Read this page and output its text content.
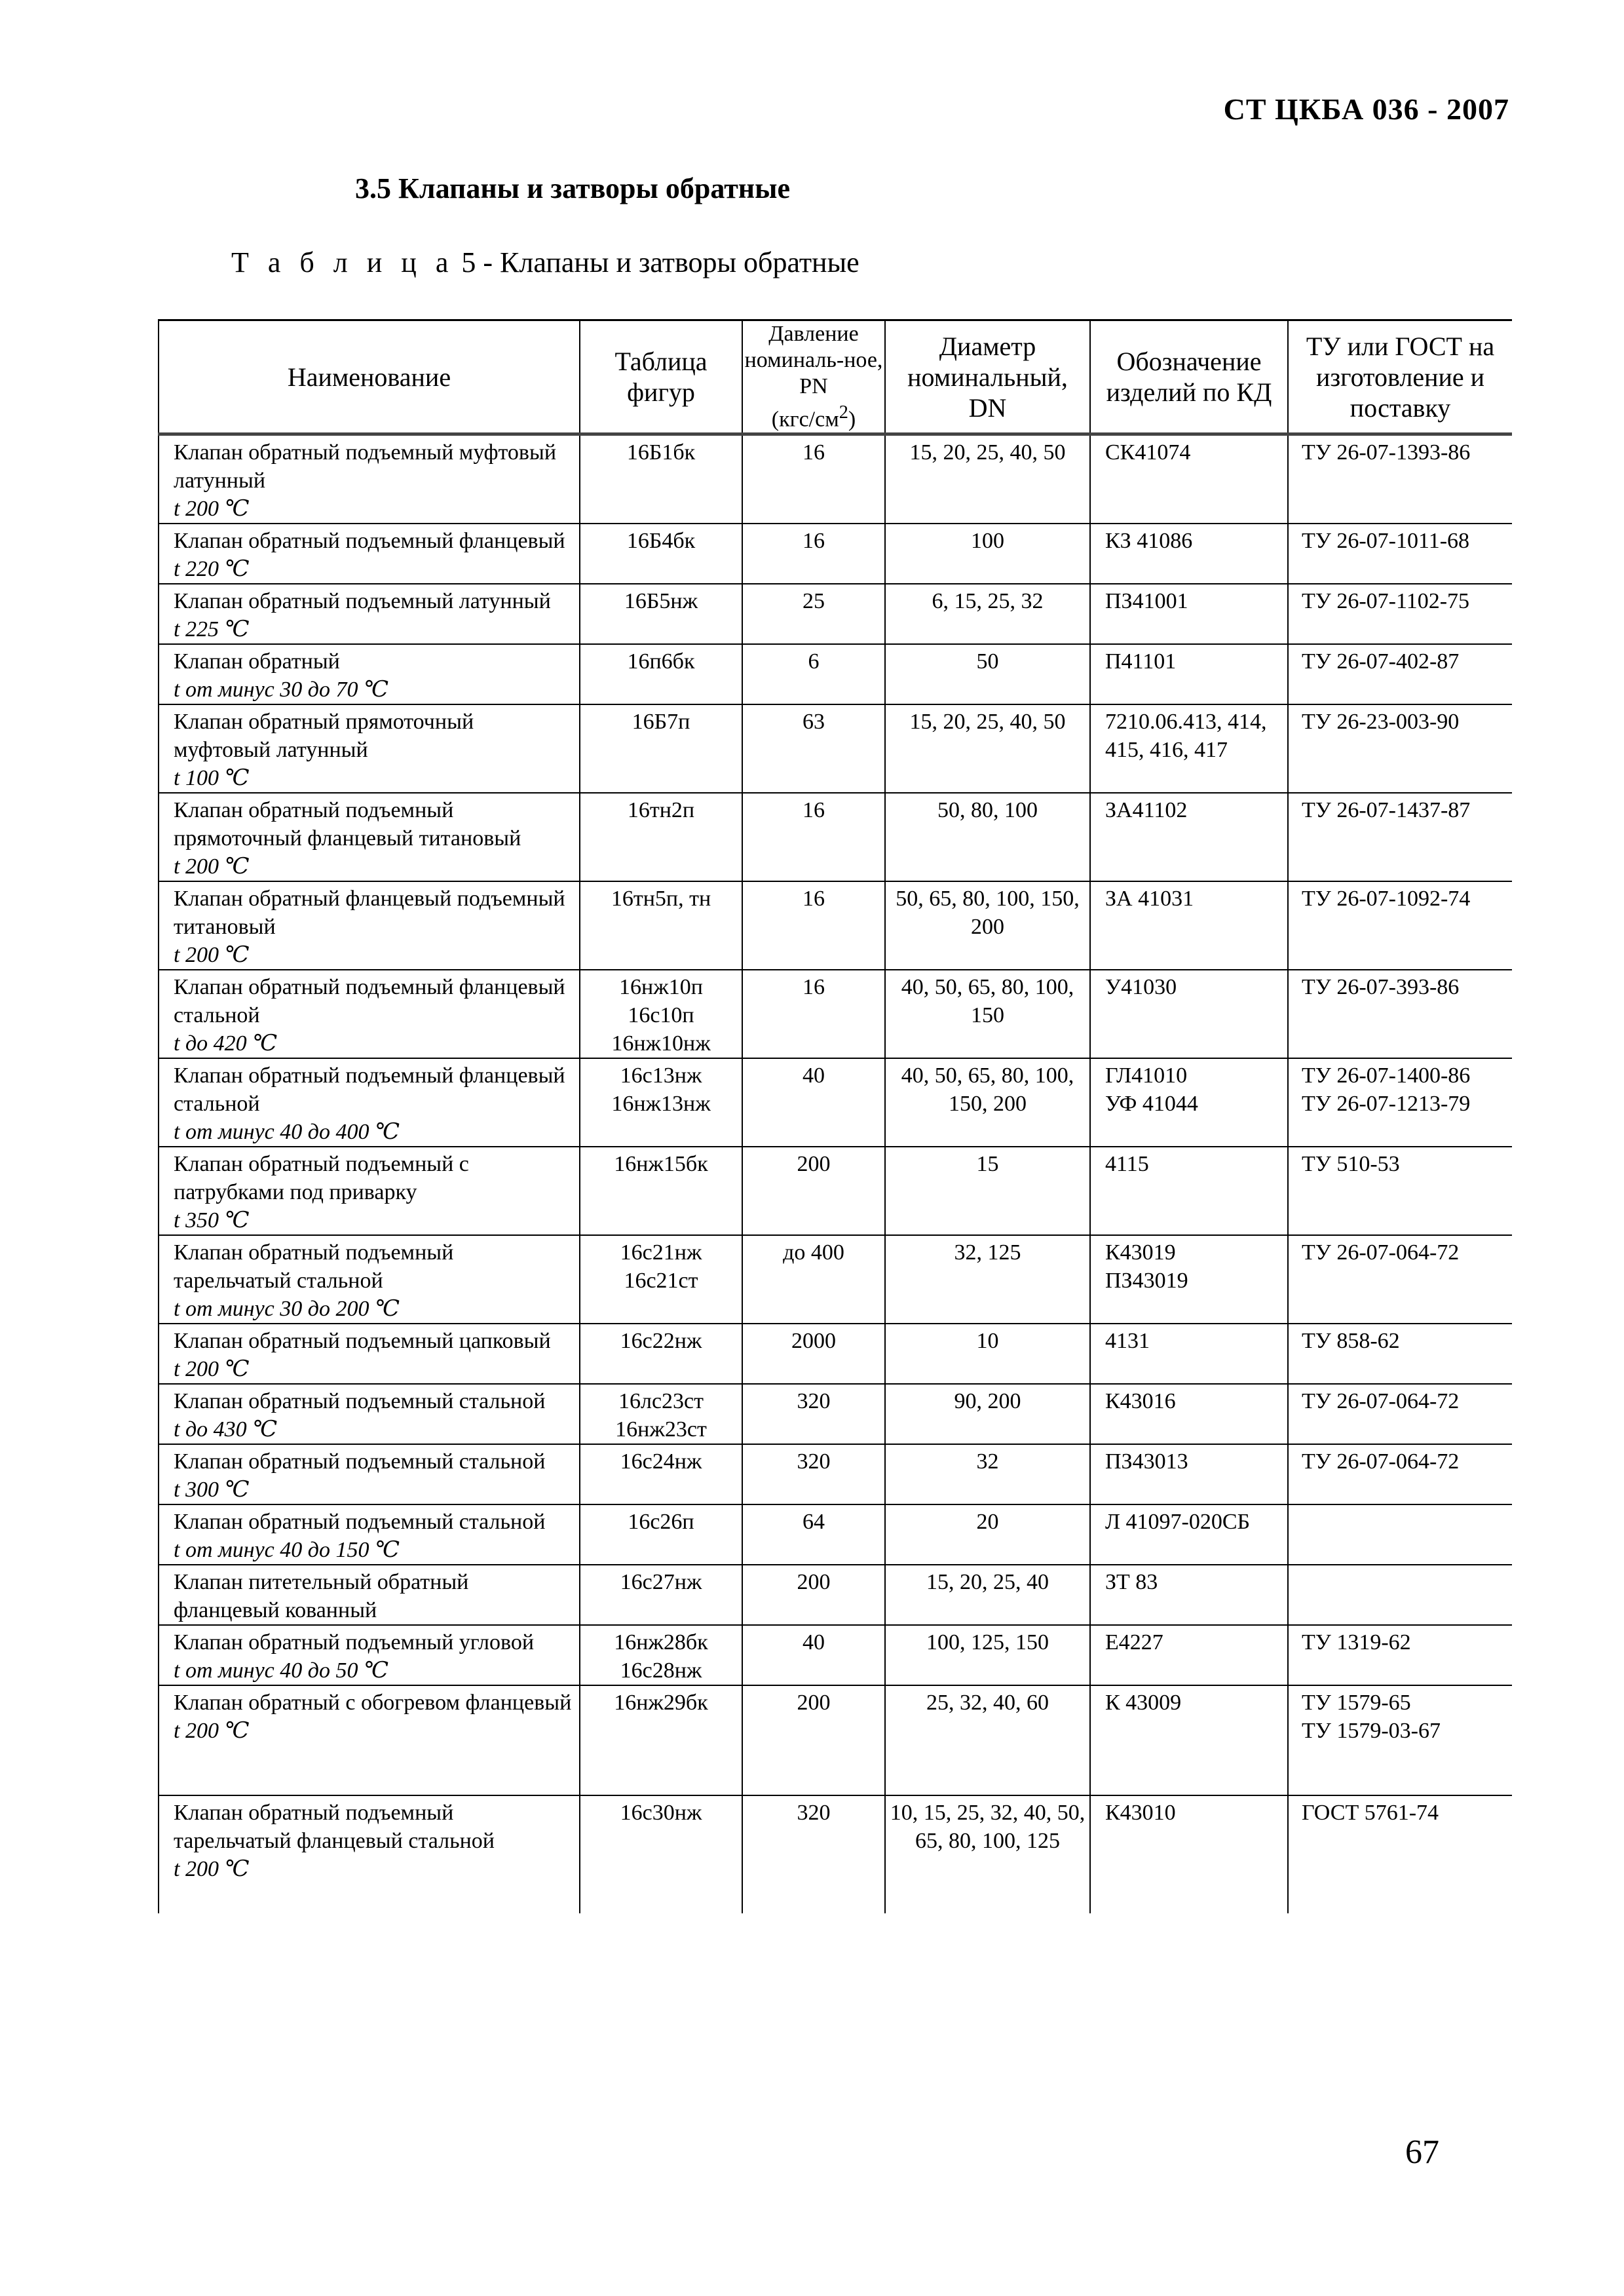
СТ ЦКБА 036 - 2007
3.5 Клапаны и затворы обратные
Т а б л и ц а 5 - Клапаны и затворы обратные
Наименование	Таблица фигур	Давление номиналь-ное, PN
$(кгс/см^2)$	Диаметр номинальный, DN	Обозначение изделий по КД	ТУ или ГОСТ на изготовление и поставку

Клапан обратный подъемный муфтовый латунный
t 200 ℃	16Б1бк	16	15, 20, 25, 40, 50	СК41074	ТУ 26-07-1393-86

Клапан обратный подъемный фланцевый
t 220 ℃	16Б4бк	16	100	КЗ 41086	ТУ 26-07-1011-68

Клапан обратный подъемный латунный
t 225 ℃	16Б5нж	25	6, 15, 25, 32	ПЗ41001	ТУ 26-07-1102-75

Клапан обратный
t от минус 30 до 70 ℃	16п6бк	6	50	П41101	ТУ 26-07-402-87

Клапан обратный прямоточный муфтовый латунный
t 100 ℃	16Б7п	63	15, 20, 25, 40, 50	7210.06.413, 414, 415, 416, 417	ТУ 26-23-003-90

Клапан обратный подъемный прямоточный фланцевый титановый
t 200 ℃	16тн2п	16	50, 80, 100	ЗА41102	ТУ 26-07-1437-87

Клапан обратный фланцевый подъемный титановый
t 200 ℃	16тн5п, тн	16	50, 65, 80, 100, 150, 200	ЗА 41031	ТУ 26-07-1092-74

Клапан обратный подъемный фланцевый стальной
t до 420 ℃	16нж10п
16с10п
16нж10нж	16	40, 50, 65, 80, 100, 150	У41030	ТУ 26-07-393-86

Клапан обратный подъемный фланцевый стальной
t от минус 40 до 400 ℃	16с13нж
16нж13нж	40	40, 50, 65, 80, 100, 150, 200	ГЛ41010
УФ 41044	ТУ 26-07-1400-86
ТУ 26-07-1213-79

Клапан обратный подъемный с патрубками под приварку
t 350 ℃	16нж15бк	200	15	4115	ТУ 510-53

Клапан обратный подъемный тарельчатый стальной
t от минус 30 до 200 ℃	16с21нж
16с21ст	до 400	32, 125	К43019
ПЗ43019	ТУ 26-07-064-72

Клапан обратный подъемный цапковый
t 200 ℃	16с22нж	2000	10	4131	ТУ 858-62

Клапан обратный подъемный стальной
t до 430 ℃	16лс23ст
16нж23ст	320	90, 200	К43016	ТУ 26-07-064-72

Клапан обратный подъемный стальной
t 300 ℃	16с24нж	320	32	ПЗ43013	ТУ 26-07-064-72

Клапан обратный подъемный стальной
t от минус 40 до 150 ℃	16с26п	64	20	Л 41097-020СБ	

Клапан питетельный обратный фланцевый кованный	16с27нж	200	15, 20, 25, 40	ЗТ 83	

Клапан обратный подъемный угловой
t от минус 40 до 50 ℃	16нж28бк
16с28нж	40	100, 125, 150	Е4227	ТУ 1319-62

Клапан обратный с обогревом фланцевый
t 200 ℃	16нж29бк	200	25, 32, 40, 60	К 43009	ТУ 1579-65
ТУ 1579-03-67

Клапан обратный подъемный тарельчатый фланцевый стальной
t 200 ℃	16с30нж	320	10, 15, 25, 32, 40, 50, 65, 80, 100, 125	К43010	ГОСТ 5761-74
67
